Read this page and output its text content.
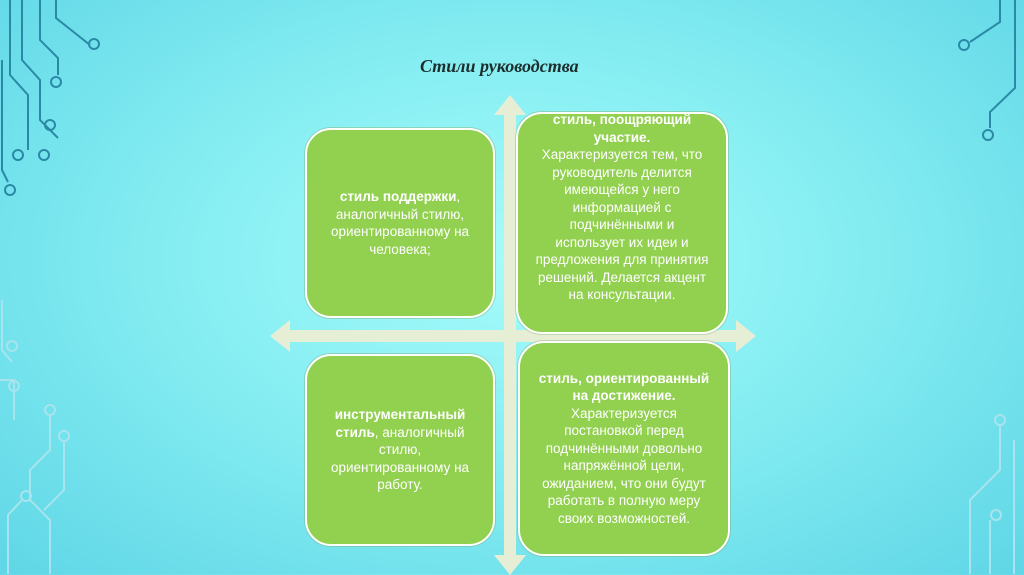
Стили руководства
стиль поддержки, аналогичный стилю, ориентированному на человека;
стиль, поощряющий участие.
Характеризуется тем, что руководитель делится имеющейся у него информацией с подчинёнными и использует их идеи и предложения для принятия решений. Делается акцент на консультации.
инструментальный стиль, аналогичный стилю, ориентированному на работу.
стиль, ориентированный на достижение.
Характеризуется постановкой перед подчинёнными довольно напряжённой цели, ожиданием, что они будут работать в полную меру своих возможностей.
